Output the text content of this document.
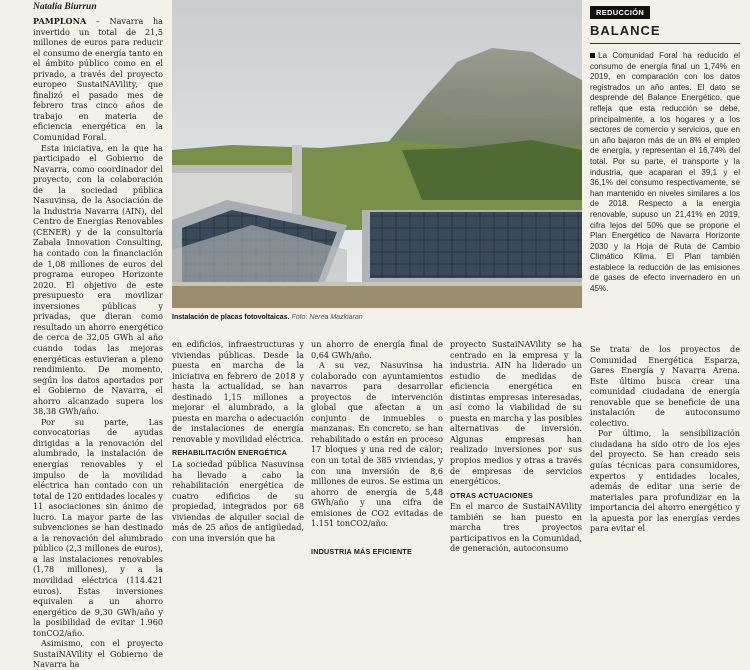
Natalia Biurrun

PAMPLONA – Navarra ha invertido un total de 21,5 millones de euros para reducir el consumo de energía tanto en el ámbito público como en el privado, a través del proyecto europeo SustaiNAVility, que finalizó el pasado mes de febrero tras cinco años de trabajo en materia de eficiencia energética en la Comunidad Foral.

Esta iniciativa, en la que ha participado el Gobierno de Navarra, como coordinador del proyecto, con la colaboración de la sociedad pública Nasuvinsa, de la Asociación de la Industria Navarra (AIN), del Centro de Energías Renovables (CENER) y de la consultoría Zabala Innovation Consulting, ha contado con la financiación de 1,08 millones de euros del programa europeo Horizonte 2020. El objetivo de este presupuesto era movilizar inversiones públicas y privadas, que dieran como resultado un ahorro energético de cerca de 32,05 GWh al año cuando todas las mejoras energéticas estuvieran a pleno rendimiento. De momento, según los datos aportados por el Gobierno de Navarra, el ahorro alcanzado supera los 38,38 GWh/año.

Por su parte, Las convocatorias de ayudas dirigidas a la renovación del alumbrado, la instalación de energías renovables y el impulso de la movilidad eléctrica han contado con un total de 120 entidades locales y 11 asociaciones sin ánimo de lucro. La mayor parte de las subvenciones se han destinado a la renovación del alumbrado público (2,3 millones de euros), a las instalaciones renovables (1,78 millones), y a la movilidad eléctrica (114.421 euros). Estas inversiones equivalen a un ahorro energético de 9,30 GWh/año y la posibilidad de evitar 1.960 tonCO2/año.

Asimismo, con el proyecto SustaiNAVility el Gobierno de Navarra ha

Instalación de placas fotovoltaicas. Foto: Nerea Mazkiaran

en edificios, infraestructuras y viviendas públicas. Desde la puesta en marcha de la iniciativa en febrero de 2018 y hasta la actualidad, se han destinado 1,15 millones a mejorar el alumbrado, a la puesta en marcha o adecuación de instalaciones de energía renovable y movilidad eléctrica.

REHABILITACIÓN ENERGÉTICA

La sociedad pública Nasuvinsa ha llevado a cabo la rehabilitación energética de cuatro edificios de su propiedad, integrados por 68 viviendas de alquiler social de más de 25 años de antigüedad, con una inversión que ha

un ahorro de energía final de 0,64 GWh/año.

A su vez, Nasuvinsa ha colaborado con ayuntamientos navarros para desarrollar proyectos de intervención global que afectan a un conjunto de inmuebles o manzanas. En concreto, se han rehabilitado o están en proceso 17 bloques y una red de calor; con un total de 385 viviendas, y con una inversión de 8,6 millones de euros. Se estima un ahorro de energía de 5,48 GWh/año y una cifra de emisiones de CO2 evitadas de 1.151 tonCO2/año.

INDUSTRIA MÁS EFICIENTE

proyecto SustaiNAVility se ha centrado en la empresa y la industria. AIN ha liderado un estudio de medidas de eficiencia energética en distintas empresas interesadas, así como la viabilidad de su puesta en marcha y las posibles alternativas de inversión. Algunas empresas han realizado inversiones por sus propios medios y otras a través de empresas de servicios energéticos.

OTRAS ACTUACIONES

En el marco de SustaiNAVility también se han puesto en marcha tres proyectos participativos en la Comunidad, de generación, autoconsumo

REDUCCIÓN
BALANCE
La Comunidad Foral ha reducido el consumo de energía final un 1,74% en 2019, en comparación con los datos registrados un año antes. El dato se desprende del Balance Energético, que refleja que esta reducción se debe, principalmente, a los hogares y a los sectores de comercio y servicios, que en un año bajaron más de un 8% el empleo de energía, y representan el 16,74% del total. Por su parte, el transporte y la industria, que acaparan el 39,1 y el 36,1% del consumo respectivamente, se han mantenido en niveles similares a los de 2018. Respecto a la energía renovable, supuso un 21,41% en 2019, cifra lejos del 50% que se propone el Plan Energético de Navarra Horizonte 2030 y la Hoja de Ruta de Cambio Climático Klima. El Plan también establece la reducción de las emisiones de gases de efecto invernadero en un 45%.

Se trata de los proyectos de Comunidad Energética Esparza, Gares Energía y Navarra Arena. Este último busca crear una comunidad ciudadana de energía renovable que se beneficie de una instalación de autoconsumo colectivo.

Por último, la sensibilización ciudadana ha sido otro de los ejes del proyecto. Se han creado seis guías técnicas para consumidores, expertos y entidades locales, además de editar una serie de materiales para profundizar en la importancia del ahorro energético y la apuesta por las energías verdes para evitar el
